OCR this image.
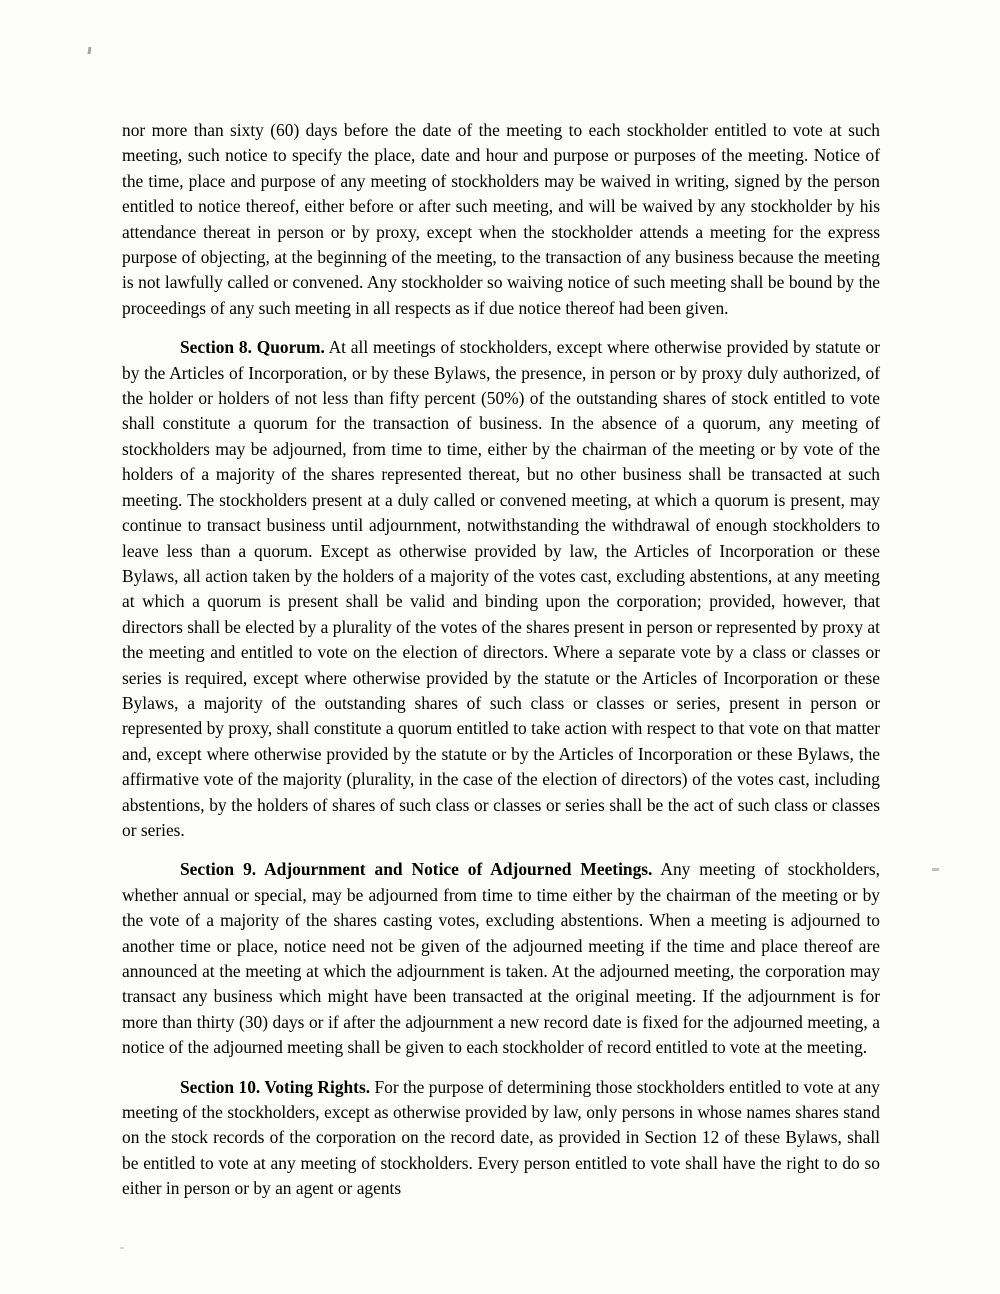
nor more than sixty (60) days before the date of the meeting to each stockholder entitled to vote at such meeting, such notice to specify the place, date and hour and purpose or purposes of the meeting. Notice of the time, place and purpose of any meeting of stockholders may be waived in writing, signed by the person entitled to notice thereof, either before or after such meeting, and will be waived by any stockholder by his attendance thereat in person or by proxy, except when the stockholder attends a meeting for the express purpose of objecting, at the beginning of the meeting, to the transaction of any business because the meeting is not lawfully called or convened. Any stockholder so waiving notice of such meeting shall be bound by the proceedings of any such meeting in all respects as if due notice thereof had been given.

Section 8. Quorum. At all meetings of stockholders, except where otherwise provided by statute or by the Articles of Incorporation, or by these Bylaws, the presence, in person or by proxy duly authorized, of the holder or holders of not less than fifty percent (50%) of the outstanding shares of stock entitled to vote shall constitute a quorum for the transaction of business. In the absence of a quorum, any meeting of stockholders may be adjourned, from time to time, either by the chairman of the meeting or by vote of the holders of a majority of the shares represented thereat, but no other business shall be transacted at such meeting. The stockholders present at a duly called or convened meeting, at which a quorum is present, may continue to transact business until adjournment, notwithstanding the withdrawal of enough stockholders to leave less than a quorum. Except as otherwise provided by law, the Articles of Incorporation or these Bylaws, all action taken by the holders of a majority of the votes cast, excluding abstentions, at any meeting at which a quorum is present shall be valid and binding upon the corporation; provided, however, that directors shall be elected by a plurality of the votes of the shares present in person or represented by proxy at the meeting and entitled to vote on the election of directors. Where a separate vote by a class or classes or series is required, except where otherwise provided by the statute or the Articles of Incorporation or these Bylaws, a majority of the outstanding shares of such class or classes or series, present in person or represented by proxy, shall constitute a quorum entitled to take action with respect to that vote on that matter and, except where otherwise provided by the statute or by the Articles of Incorporation or these Bylaws, the affirmative vote of the majority (plurality, in the case of the election of directors) of the votes cast, including abstentions, by the holders of shares of such class or classes or series shall be the act of such class or classes or series.

Section 9. Adjournment and Notice of Adjourned Meetings. Any meeting of stockholders, whether annual or special, may be adjourned from time to time either by the chairman of the meeting or by the vote of a majority of the shares casting votes, excluding abstentions. When a meeting is adjourned to another time or place, notice need not be given of the adjourned meeting if the time and place thereof are announced at the meeting at which the adjournment is taken. At the adjourned meeting, the corporation may transact any business which might have been transacted at the original meeting. If the adjournment is for more than thirty (30) days or if after the adjournment a new record date is fixed for the adjourned meeting, a notice of the adjourned meeting shall be given to each stockholder of record entitled to vote at the meeting.

Section 10. Voting Rights. For the purpose of determining those stockholders entitled to vote at any meeting of the stockholders, except as otherwise provided by law, only persons in whose names shares stand on the stock records of the corporation on the record date, as provided in Section 12 of these Bylaws, shall be entitled to vote at any meeting of stockholders. Every person entitled to vote shall have the right to do so either in person or by an agent or agents
